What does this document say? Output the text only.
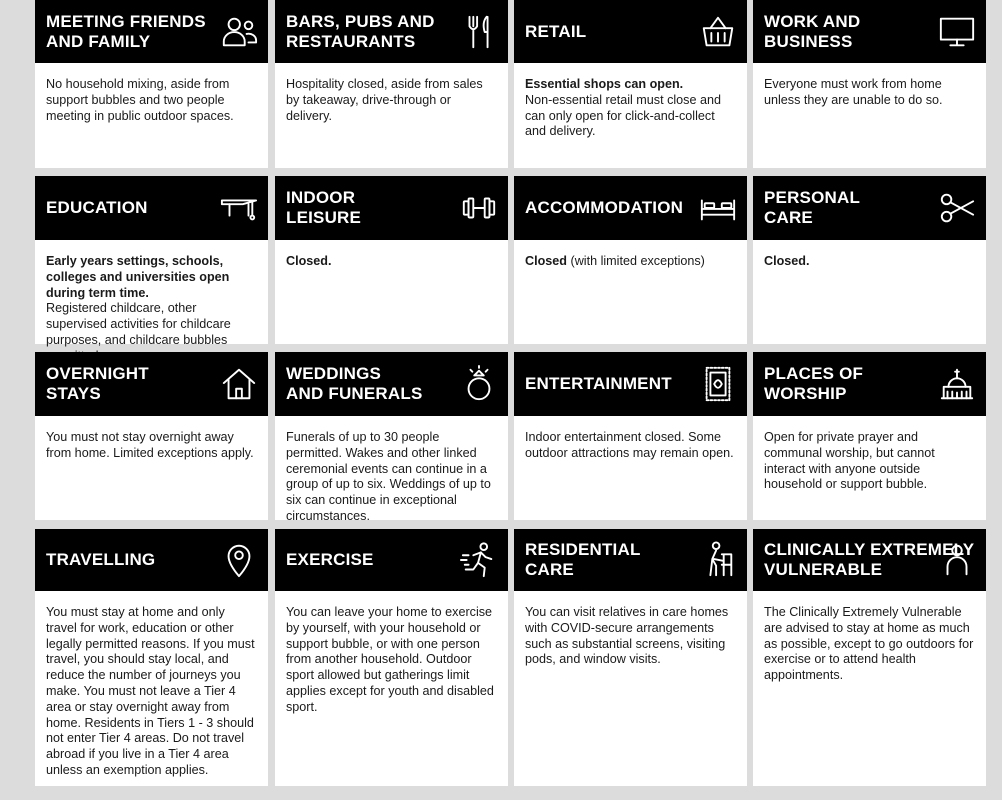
MEETING FRIENDS
AND FAMILY
No household mixing, aside from support bubbles and two people meeting in public outdoor spaces.
BARS, PUBS AND
RESTAURANTS
Hospitality closed, aside from sales by takeaway, drive-through or delivery.
RETAIL
Essential shops can open.
Non-essential retail must close and can only open for click-and-collect and delivery.
WORK AND
BUSINESS
Everyone must work from home unless they are unable to do so.
EDUCATION
Early years settings, schools, colleges and universities open during term time.
Registered childcare, other supervised activities for childcare purposes, and childcare bubbles
INDOOR
LEISURE
Closed.
ACCOMMODATION
Closed (with limited exceptions)
PERSONAL
CARE
Closed.
OVERNIGHT
STAYS
You must not stay overnight away from home. Limited exceptions apply.
WEDDINGS
AND FUNERALS
Funerals of up to 30 people permitted. Wakes and other linked ceremonial events can continue in a group of up to six. Weddings of up to six can continue in exceptional circumstances.
ENTERTAINMENT
Indoor entertainment closed. Some outdoor attractions may remain open.
PLACES OF
WORSHIP
Open for private prayer and communal worship, but cannot interact with anyone outside household or support bubble.
TRAVELLING
You must stay at home and only travel for work, education or other legally permitted reasons. If you must travel, you should stay local, and reduce the number of journeys you make. You must not leave a Tier 4 area or stay overnight away from home. Residents in Tiers 1 - 3 should not enter Tier 4 areas. Do not travel abroad if you live in a Tier 4 area unless an exemption applies.
EXERCISE
You can leave your home to exercise by yourself, with your household or support bubble, or with one person from another household. Outdoor sport allowed but gatherings limit applies except for youth and disabled sport.
RESIDENTIAL
CARE
You can visit relatives in care homes with COVID-secure arrangements such as substantial screens, visiting pods, and window visits.
CLINICALLY EXTREMELY
VULNERABLE
The Clinically Extremely Vulnerable are advised to stay at home as much as possible, except to go outdoors for exercise or to attend health appointments.
